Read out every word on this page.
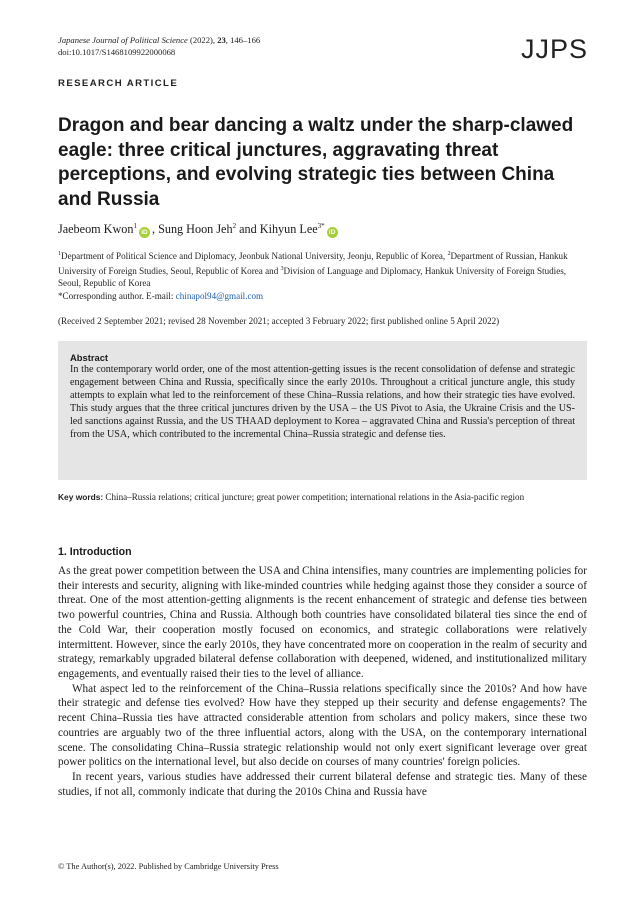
Japanese Journal of Political Science (2022), 23, 146–166
doi:10.1017/S1468109922000068	JJPS
RESEARCH ARTICLE
Dragon and bear dancing a waltz under the sharp-clawed eagle: three critical junctures, aggravating threat perceptions, and evolving strategic ties between China and Russia
Jaebeom Kwon$^1$iD , Sung Hoon Jeh$^2$ and Kihyun Lee$^{3*}$iD
$^1$Department of Political Science and Diplomacy, Jeonbuk National University, Jeonju, Republic of Korea, $^2$Department of Russian, Hankuk University of Foreign Studies, Seoul, Republic of Korea and $^3$Division of Language and Diplomacy, Hankuk University of Foreign Studies, Seoul, Republic of Korea
*Corresponding author. E-mail: chinapol94@gmail.com
(Received 2 September 2021; revised 28 November 2021; accepted 3 February 2022; first published online 5 April 2022)
Abstract

In the contemporary world order, one of the most attention-getting issues is the recent consolidation of defense and strategic engagement between China and Russia, specifically since the early 2010s. Throughout a critical juncture angle, this study attempts to explain what led to the reinforcement of these China–Russia relations, and how their strategic ties have evolved. This study argues that the three critical junctures driven by the USA – the US Pivot to Asia, the Ukraine Crisis and the US-led sanctions against Russia, and the US THAAD deployment to Korea – aggravated China and Russia's perception of threat from the USA, which contributed to the incremental China–Russia strategic and defense ties.

Key words: China–Russia relations; critical juncture; great power competition; international relations in the Asia-pacific region
1. Introduction

As the great power competition between the USA and China intensifies, many countries are implementing policies for their interests and security, aligning with like-minded countries while hedging against those they consider a source of threat. One of the most attention-getting alignments is the recent enhancement of strategic and defense ties between two powerful countries, China and Russia. Although both countries have consolidated bilateral ties since the end of the Cold War, their cooperation mostly focused on economics, and strategic collaborations were relatively intermittent. However, since the early 2010s, they have concentrated more on cooperation in the realm of security and strategy, remarkably upgraded bilateral defense collaboration with deepened, widened, and institutionalized military engagements, and eventually raised their ties to the level of alliance.

What aspect led to the reinforcement of the China–Russia relations specifically since the 2010s? And how have their strategic and defense ties evolved? How have they stepped up their security and defense engagements? The recent China–Russia ties have attracted considerable attention from scholars and policy makers, since these two countries are arguably two of the three influential actors, along with the USA, on the contemporary international scene. The consolidating China–Russia strategic relationship would not only exert significant leverage over great power politics on the international level, but also decide on courses of many countries' foreign policies.

In recent years, various studies have addressed their current bilateral defense and strategic ties. Many of these studies, if not all, commonly indicate that during the 2010s China and Russia have

© The Author(s), 2022. Published by Cambridge University Press
